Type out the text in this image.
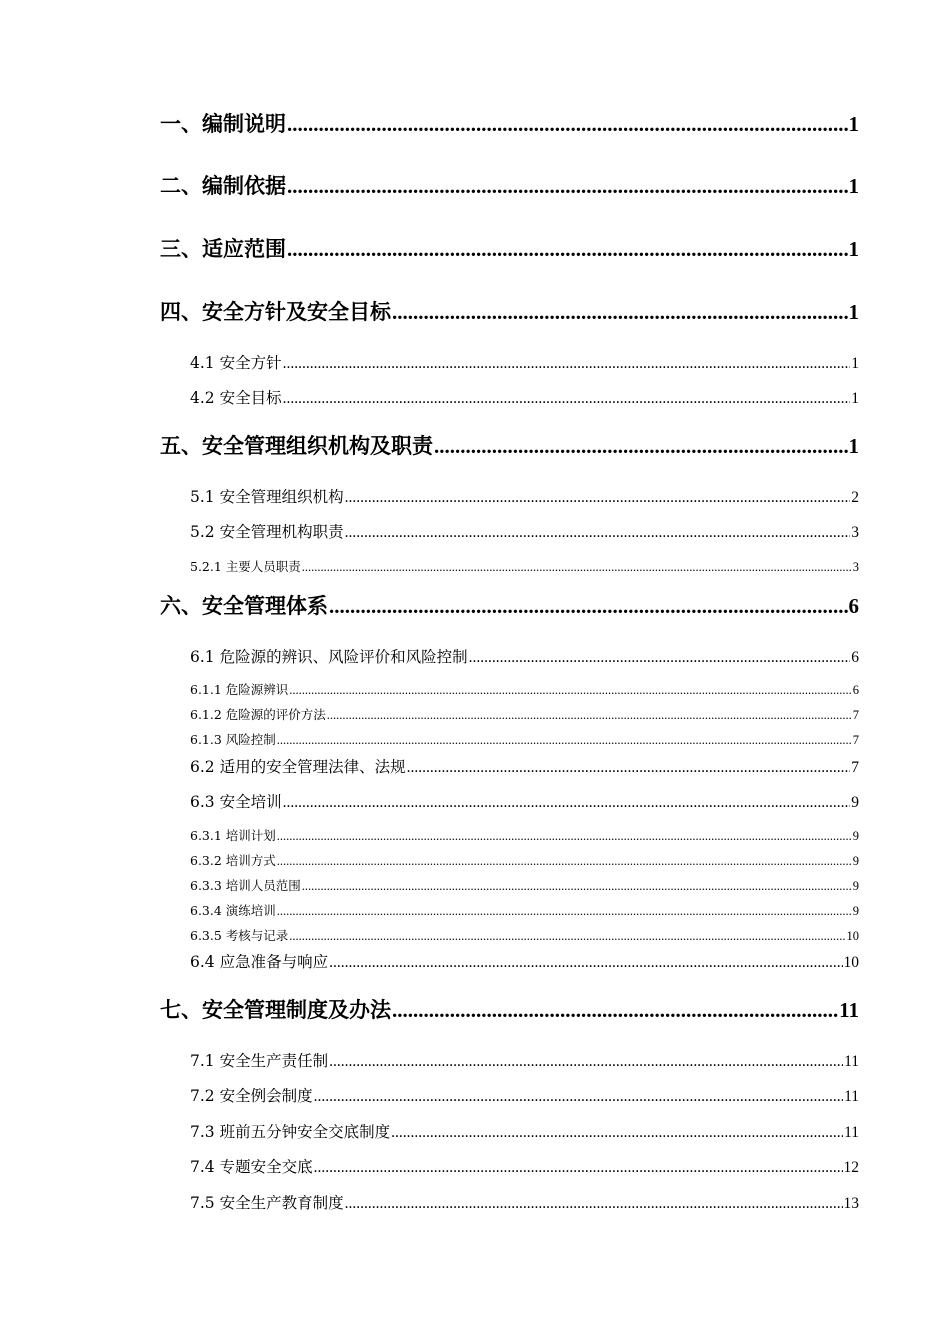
一、编制说明 .....	1
二、编制依据 .....	1
三、适应范围 .....	1
四、安全方针及安全目标 .....	1
4.1 安全方针 .....	1
4.2 安全目标 .....	1
五、安全管理组织机构及职责 .....	1
5.1 安全管理组织机构 .....	2
5.2 安全管理机构职责 .....	3
5.2.1 主要人员职责 .....	3
六、安全管理体系 .....	6
6.1 危险源的辨识、风险评价和风险控制 .....	6
6.1.1 危险源辨识 .....	6
6.1.2 危险源的评价方法 .....	7
6.1.3 风险控制 .....	7
6.2 适用的安全管理法律、法规 .....	7
6.3 安全培训 .....	9
6.3.1 培训计划 .....	9
6.3.2 培训方式 .....	9
6.3.3 培训人员范围 .....	9
6.3.4 演练培训 .....	9
6.3.5 考核与记录 .....	10
6.4 应急准备与响应 .....	10
七、安全管理制度及办法 .....	11
7.1 安全生产责任制 .....	11
7.2 安全例会制度 .....	11
7.3 班前五分钟安全交底制度 .....	11
7.4 专题安全交底 .....	12
7.5 安全生产教育制度 .....	13
